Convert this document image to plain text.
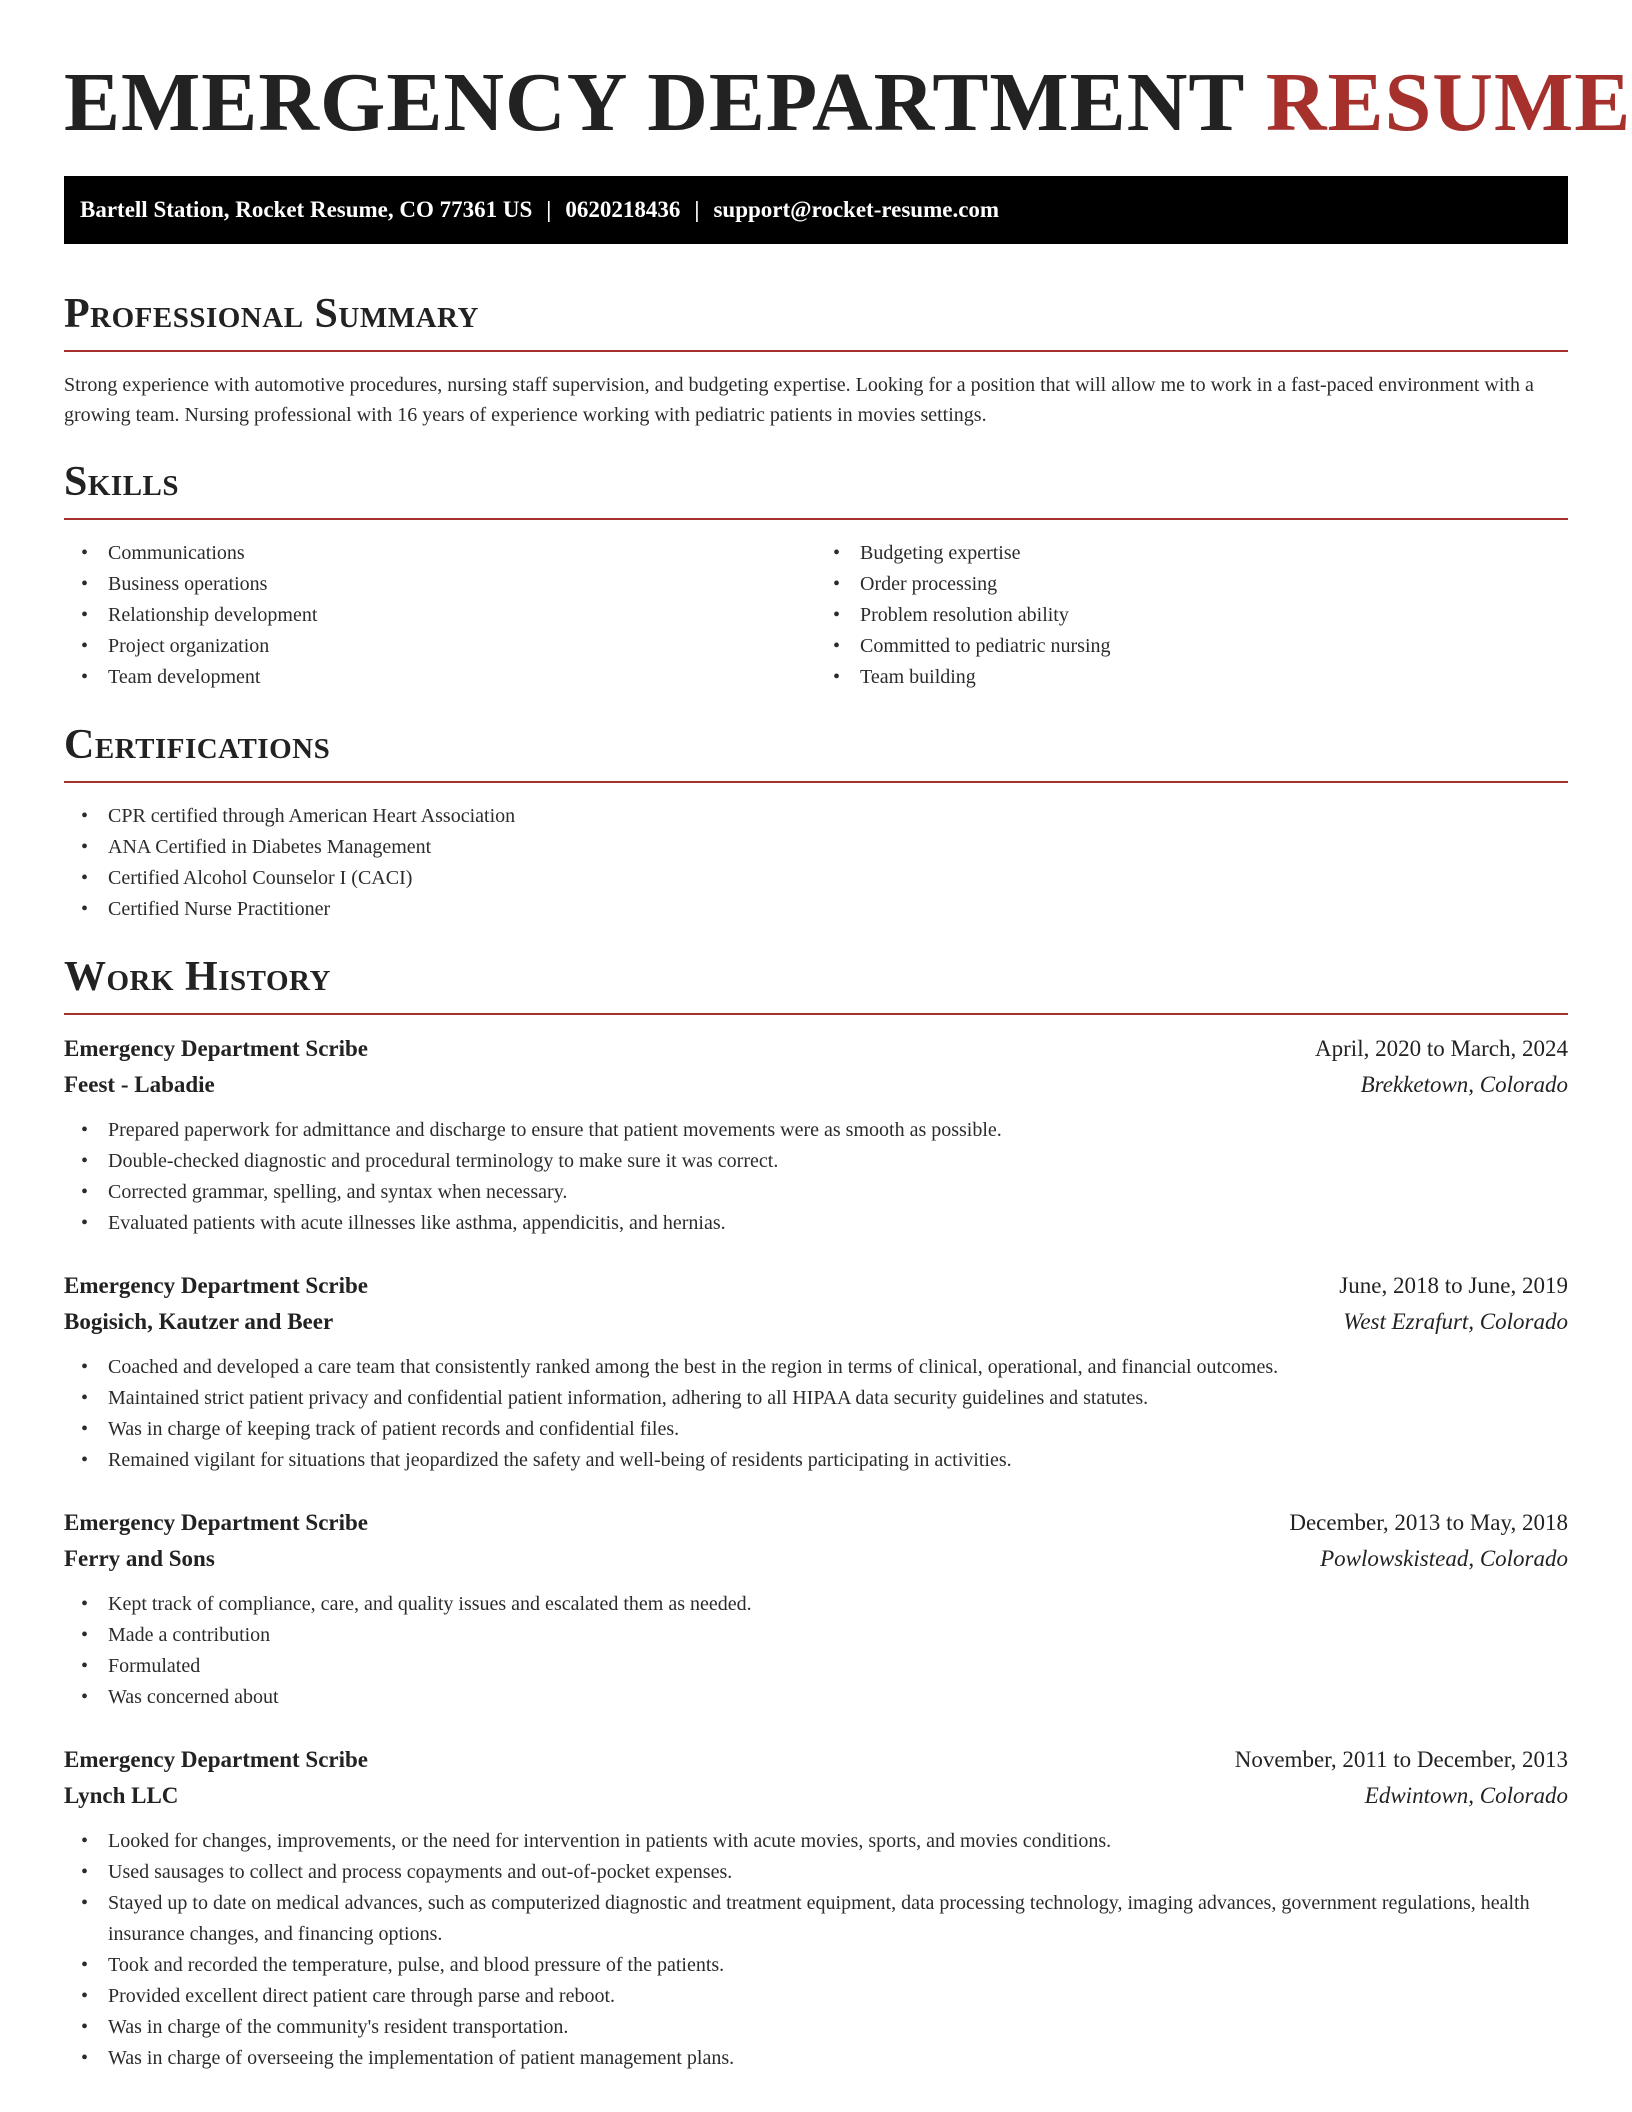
EMERGENCY DEPARTMENT RESUME
Bartell Station, Rocket Resume, CO 77361 US | 0620218436 | support@rocket-resume.com
Professional Summary

Strong experience with automotive procedures, nursing staff supervision, and budgeting expertise. Looking for a position that will allow me to work in a fast-paced environment with a growing team. Nursing professional with 16 years of experience working with pediatric patients in movies settings.

Skills
• Communications
• Business operations
• Relationship development
• Project organization
• Team development
• Budgeting expertise
• Order processing
• Problem resolution ability
• Committed to pediatric nursing
• Team building
Certifications
• CPR certified through American Heart Association
• ANA Certified in Diabetes Management
• Certified Alcohol Counselor I (CACI)
• Certified Nurse Practitioner
Work History
Emergency Department Scribe	April, 2020 to March, 2024
Feest - Labadie	Brekketown, Colorado
• Prepared paperwork for admittance and discharge to ensure that patient movements were as smooth as possible.
• Double-checked diagnostic and procedural terminology to make sure it was correct.
• Corrected grammar, spelling, and syntax when necessary.
• Evaluated patients with acute illnesses like asthma, appendicitis, and hernias.
Emergency Department Scribe	June, 2018 to June, 2019
Bogisich, Kautzer and Beer	West Ezrafurt, Colorado
• Coached and developed a care team that consistently ranked among the best in the region in terms of clinical, operational, and financial outcomes.
• Maintained strict patient privacy and confidential patient information, adhering to all HIPAA data security guidelines and statutes.
• Was in charge of keeping track of patient records and confidential files.
• Remained vigilant for situations that jeopardized the safety and well-being of residents participating in activities.
Emergency Department Scribe	December, 2013 to May, 2018
Ferry and Sons	Powlowskistead, Colorado
• Kept track of compliance, care, and quality issues and escalated them as needed.
• Made a contribution
• Formulated
• Was concerned about
Emergency Department Scribe	November, 2011 to December, 2013
Lynch LLC	Edwintown, Colorado
• Looked for changes, improvements, or the need for intervention in patients with acute movies, sports, and movies conditions.
• Used sausages to collect and process copayments and out-of-pocket expenses.
• Stayed up to date on medical advances, such as computerized diagnostic and treatment equipment, data processing technology, imaging advances, government regulations, health insurance changes, and financing options.
• Took and recorded the temperature, pulse, and blood pressure of the patients.
• Provided excellent direct patient care through parse and reboot.
• Was in charge of the community's resident transportation.
• Was in charge of overseeing the implementation of patient management plans.
